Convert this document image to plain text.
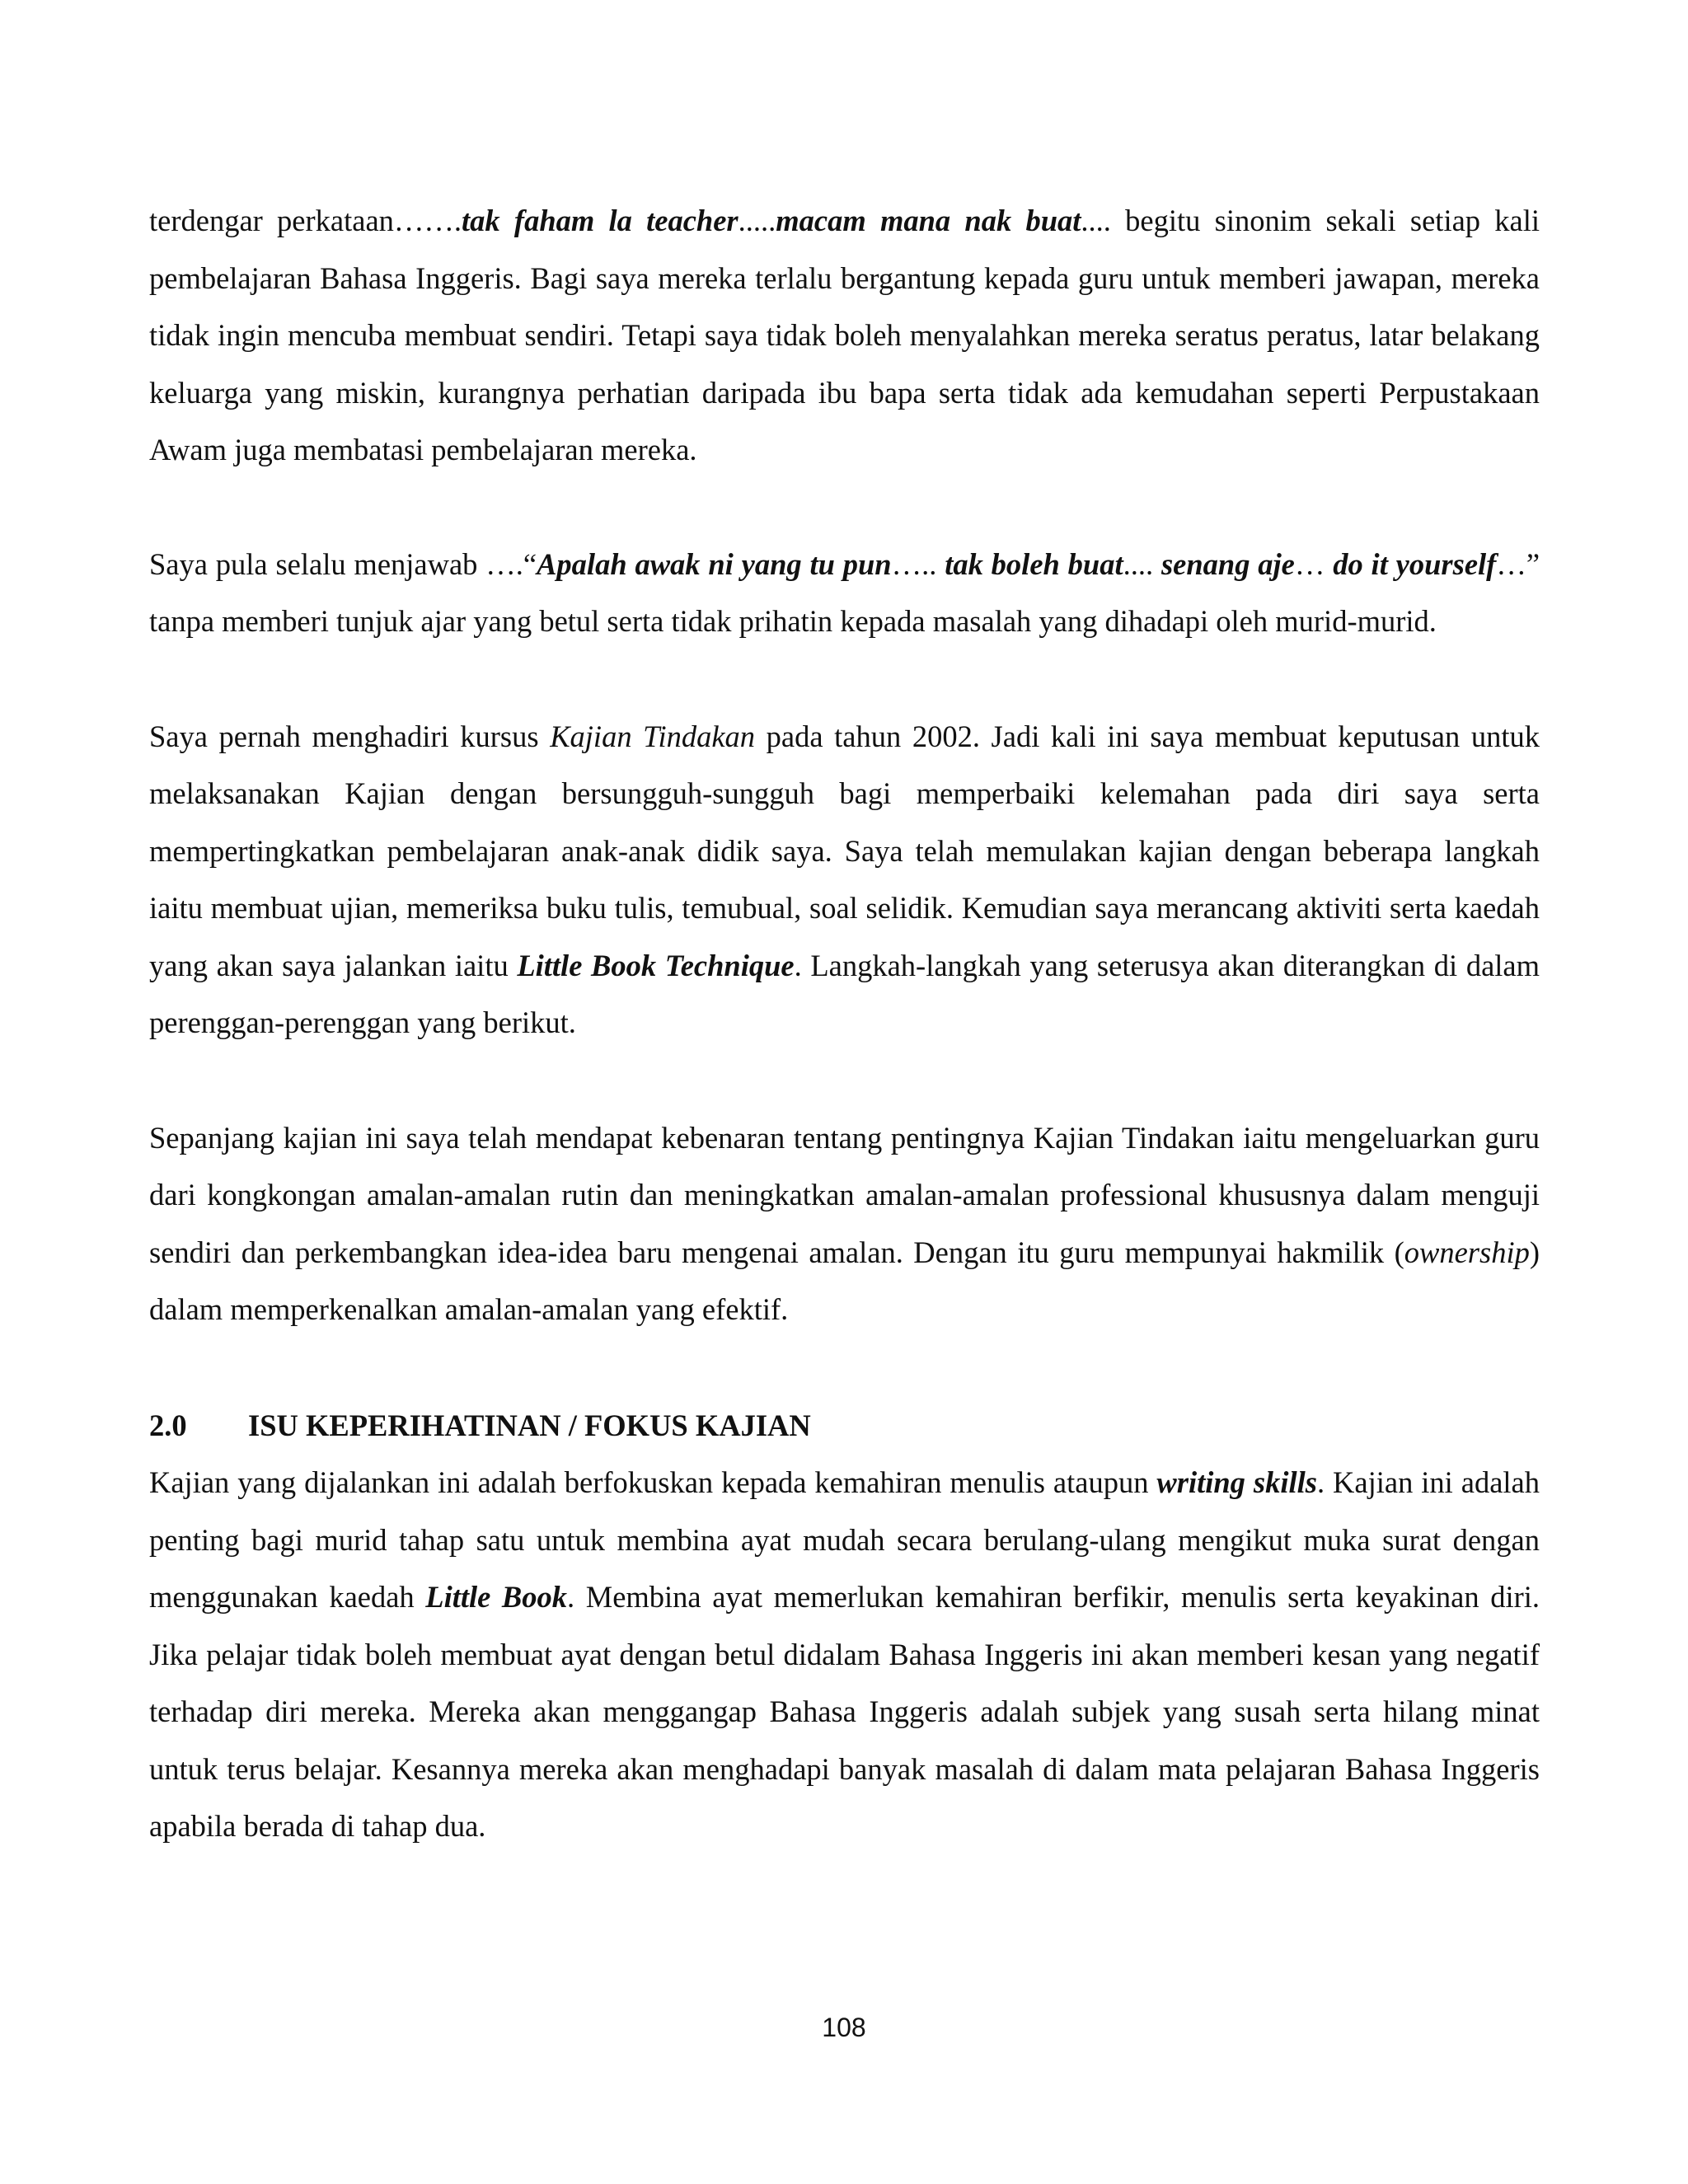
terdengar perkataan…….tak faham la teacher.....macam mana nak buat.... begitu sinonim sekali setiap kali pembelajaran Bahasa Inggeris. Bagi saya mereka terlalu bergantung kepada guru untuk memberi jawapan, mereka tidak ingin mencuba membuat sendiri. Tetapi saya tidak boleh menyalahkan mereka seratus peratus, latar belakang keluarga yang miskin, kurangnya perhatian daripada ibu bapa serta tidak ada kemudahan seperti Perpustakaan Awam juga membatasi pembelajaran mereka.

Saya pula selalu menjawab ….“Apalah awak ni yang tu pun….. tak boleh buat.... senang aje… do it yourself…” tanpa memberi tunjuk ajar yang betul serta tidak prihatin kepada masalah yang dihadapi oleh murid-murid.

Saya pernah menghadiri kursus Kajian Tindakan pada tahun 2002. Jadi kali ini saya membuat keputusan untuk melaksanakan Kajian dengan bersungguh-sungguh bagi memperbaiki kelemahan pada diri saya serta mempertingkatkan pembelajaran anak-anak didik saya. Saya telah memulakan kajian dengan beberapa langkah iaitu membuat ujian, memeriksa buku tulis, temubual, soal selidik. Kemudian saya merancang aktiviti serta kaedah yang akan saya jalankan iaitu Little Book Technique. Langkah-langkah yang seterusya akan diterangkan di dalam perenggan-perenggan yang berikut.

Sepanjang kajian ini saya telah mendapat kebenaran tentang pentingnya Kajian Tindakan iaitu mengeluarkan guru dari kongkongan amalan-amalan rutin dan meningkatkan amalan-amalan professional khususnya dalam menguji sendiri dan perkembangkan idea-idea baru mengenai amalan. Dengan itu guru mempunyai hakmilik (ownership) dalam memperkenalkan amalan-amalan yang efektif.

2.0 ISU KEPERIHATINAN / FOKUS KAJIAN

Kajian yang dijalankan ini adalah berfokuskan kepada kemahiran menulis ataupun writing skills. Kajian ini adalah penting bagi murid tahap satu untuk membina ayat mudah secara berulang-ulang mengikut muka surat dengan menggunakan kaedah Little Book. Membina ayat memerlukan kemahiran berfikir, menulis serta keyakinan diri. Jika pelajar tidak boleh membuat ayat dengan betul didalam Bahasa Inggeris ini akan memberi kesan yang negatif terhadap diri mereka. Mereka akan menggangap Bahasa Inggeris adalah subjek yang susah serta hilang minat untuk terus belajar. Kesannya mereka akan menghadapi banyak masalah di dalam mata pelajaran Bahasa Inggeris apabila berada di tahap dua.

108
